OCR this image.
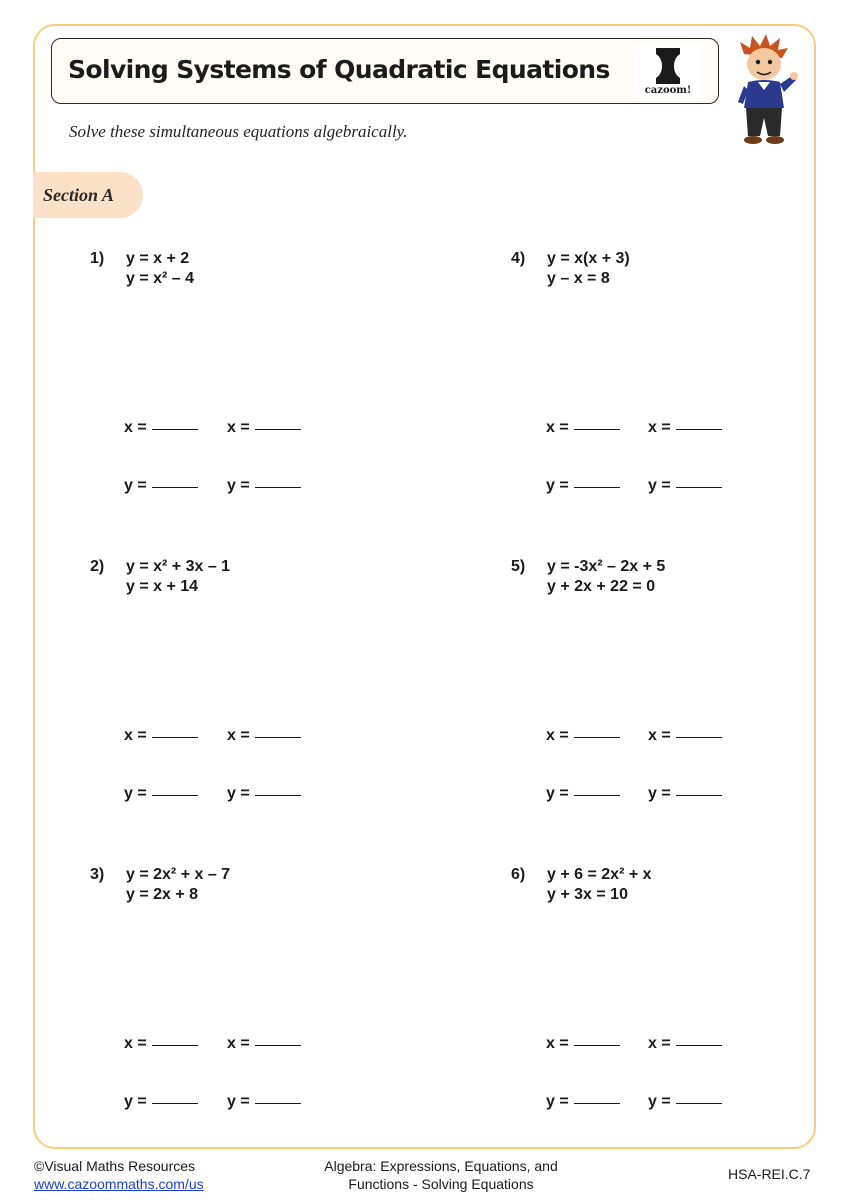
Solving Systems of Quadratic Equations
cazoom!
Solve these simultaneous equations algebraically.
Section A
1) y = x + 2
y = x² – 4
x =	x =
y =	y =
2) y = x² + 3x – 1
y = x + 14
x =	x =
y =	y =
3) y = 2x² + x – 7
y = 2x + 8
x =	x =
y =	y =
4) y = x(x + 3)
y – x = 8
x =	x =
y =	y =
5) y = -3x² – 2x + 5
y + 2x + 22 = 0
x =	x =
y =	y =
6) y + 6 = 2x² + x
y + 3x = 10
x =	x =
y =	y =
©Visual Maths Resources
www.cazoommaths.com/us
Algebra: Expressions, Equations, and
Functions - Solving Equations
HSA-REI.C.7
